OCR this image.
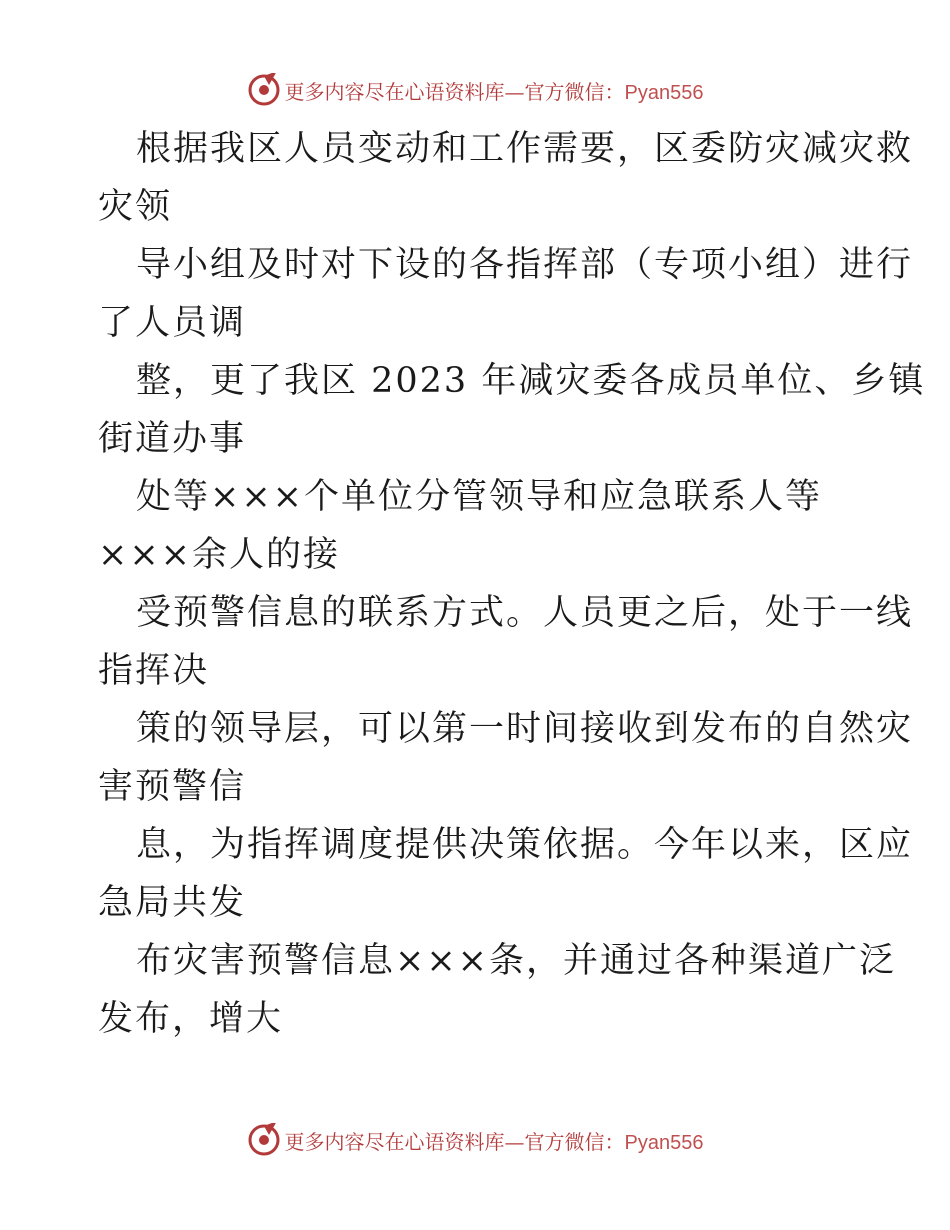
更多内容尽在心语资料库—官方微信：Pyan556
根据我区人员变动和工作需要，区委防灾减灾救
灾领
导小组及时对下设的各指挥部（专项小组）进行
了人员调
整，更了我区 2023 年减灾委各成员单位、乡镇
街道办事
处等×××个单位分管领导和应急联系人等
×××余人的接
受预警信息的联系方式。人员更之后，处于一线
指挥决
策的领导层，可以第一时间接收到发布的自然灾
害预警信
息，为指挥调度提供决策依据。今年以来，区应
急局共发
布灾害预警信息×××条，并通过各种渠道广泛
发布，增大
更多内容尽在心语资料库—官方微信：Pyan556
